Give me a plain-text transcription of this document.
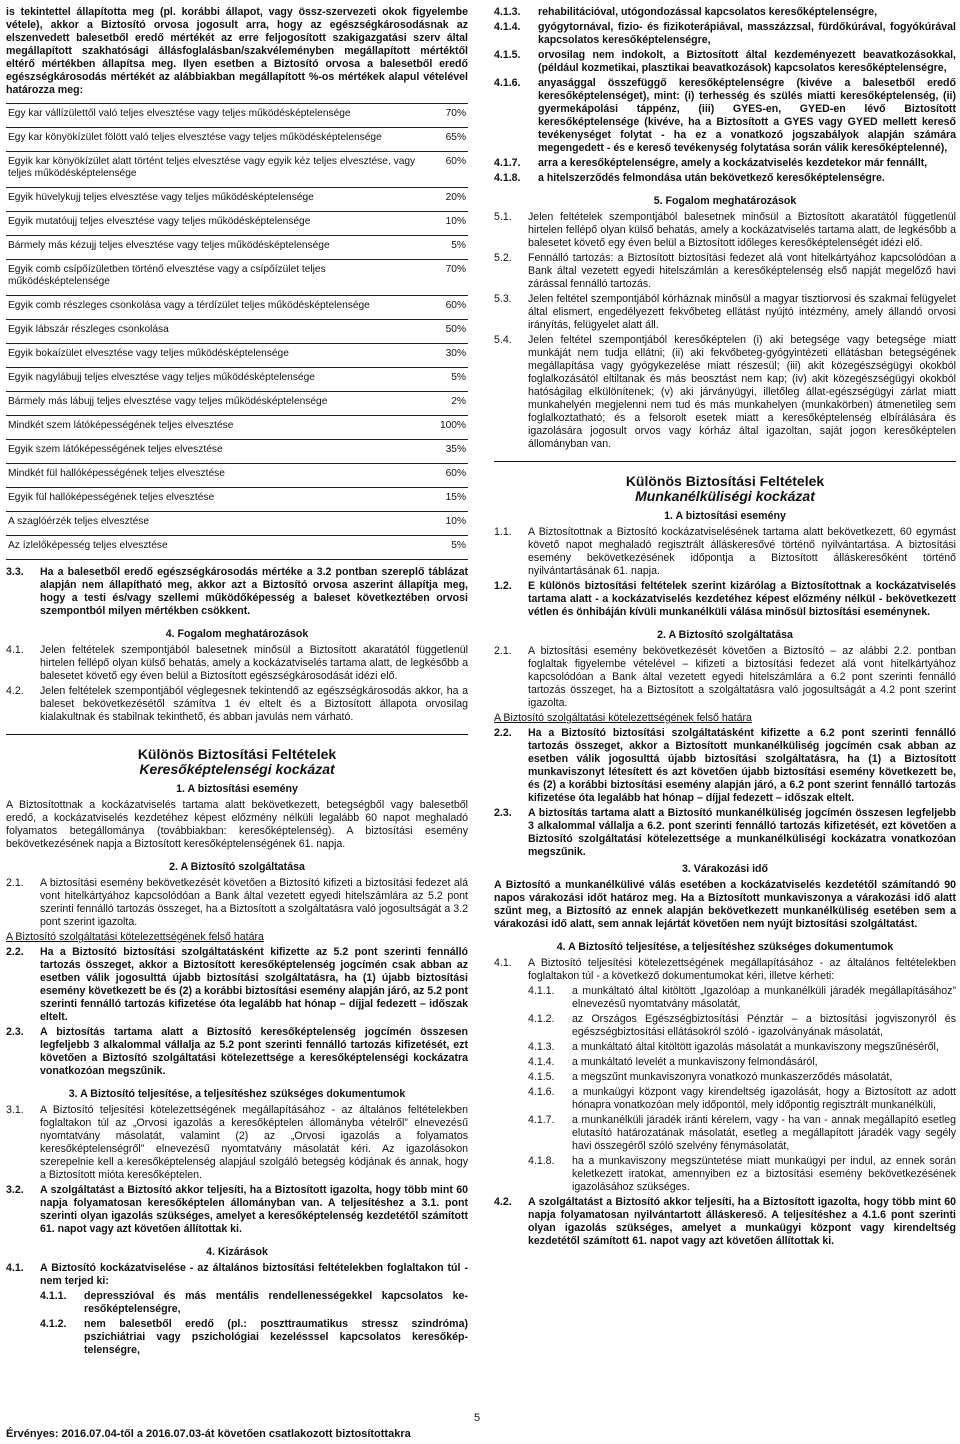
is tekintettel állapította meg (pl. korábbi állapot, vagy össz-szervezeti okok figyelembe vétele), akkor a Biztosító orvosa jogosult arra, hogy az egészségkárosodásnak az elszenvedett balesetből eredő mértékét az erre feljogosított szakigazgatási szerv által megállapított szakhatósági állásfoglalásban/szakvéleményben megállapított mértéktől eltérő mértékben állapítsa meg. Ilyen esetben a Biztosító orvosa a balesetből eredő egészségkárosodás mértékét az alábbiakban megállapított %-os mértékek alapul vételével határozza meg:

Egy kar vállízülettől való teljes elvesztése vagy teljes működésképtelensége	70%
Egy kar könyökízület fölött való teljes elvesztése vagy teljes működésképtelensége	65%
Egyik kar könyökízület alatt történt teljes elvesztése vagy egyik kéz teljes elvesztése, vagy teljes működésképtelensége	60%
Egyik hüvelykujj teljes elvesztése vagy teljes működésképtelensége	20%
Egyik mutatóujj teljes elvesztése vagy teljes működésképtelensége	10%
Bármely más kézujj teljes elvesztése vagy teljes működésképtelensége	5%
Egyik comb csípőízületben történő elvesztése vagy a csípőízület teljes működésképtelensége	70%
Egyik comb részleges csonkolása vagy a térdízület teljes működésképtelensége	60%
Egyik lábszár részleges csonkolása	50%
Egyik bokaízület elvesztése vagy teljes működésképtelensége	30%
Egyik nagylábujj teljes elvesztése vagy teljes működésképtelensége	5%
Bármely más lábujj teljes elvesztése vagy teljes működésképtelensége	2%
Mindkét szem látóképességének teljes elvesztése	100%
Egyik szem látóképességének teljes elvesztése	35%
Mindkét fül hallóképességének teljes elvesztése	60%
Egyik fül hallóképességének teljes elvesztése	15%
A szaglóérzék teljes elvesztése	10%
Az ízlelőképesség teljes elvesztése	5%
3.3.	Ha a balesetből eredő egészségkárosodás mértéke a 3.2 pontban szereplő táblázat alapján nem állapítható meg, akkor azt a Biztosító orvosa aszerint állapítja meg, hogy a testi és/vagy szellemi működőképesség a baleset következtében orvosi szempontból milyen mértékben csökkent.
4. Fogalom meghatározások
4.1.	Jelen feltételek szempontjából balesetnek minősül a Biztosított akaratától függetlenül hirtelen fellépő olyan külső behatás, amely a kockázatviselés tartama alatt, de legkésőbb a balesetet követő egy éven belül a Biztosított egészségkárosodását idézi elő.
4.2.	Jelen feltételek szempontjából véglegesnek tekintendő az egészségkárosodás akkor, ha a baleset bekövetkezésétől számítva 1 év eltelt és a Biztosított állapota orvosilag kialakultnak és stabilnak tekinthető, és abban javulás nem várható.
Különös Biztosítási Feltételek
Keresőképtelenségi kockázat
1. A biztosítási esemény

A Biztosítottnak a kockázatviselés tartama alatt bekövetkezett, betegségből vagy balesetből eredő, a kockázatviselés kezdetéhez képest előzmény nélküli legalább 60 napot meghaladó folyamatos betegállománya (továbbiakban: keresőképtelenség). A biztosítási esemény bekövetkezésének napja a Biztosított keresőképtelenségének 61. napja.

2. A Biztosító szolgáltatása
2.1.	A biztosítási esemény bekövetkezését követően a Biztosító kifizeti a biztosítási fedezet alá vont hitelkártyához kapcsolódóan a Bank által vezetett egyedi hitelszámlára az 5.2 pont szerinti fennálló tartozás összeget, ha a Biztosított a szolgáltatásra való jogosultságát a 3.2 pont szerint igazolta.

A Biztosító szolgáltatási kötelezettségének felső határa

2.2.	Ha a Biztosító biztosítási szolgáltatásként kifizette az 5.2 pont szerinti fennálló tartozás összeget, akkor a Biztosított keresőképtelenség jogcímén csak abban az esetben válik jogosulttá újabb biztosítási szolgáltatásra, ha (1) újabb biztosítási esemény következett be és (2) a korábbi biztosítási esemény alapján járó, az 5.2 pont szerinti fennálló tartozás kifizetése óta legalább hat hónap – díjjal fedezett – időszak eltelt.
2.3.	A biztosítás tartama alatt a Biztosító keresőképtelenség jogcímén összesen legfeljebb 3 alkalommal vállalja az 5.2 pont szerinti fennálló tartozás kifizetését, ezt követően a Biztosító szolgáltatási kötelezettsége a keresőképtelenségi kockázatra vonatkozóan megszűnik.
3. A Biztosító teljesítése, a teljesítéshez szükséges dokumentumok
3.1.	A Biztosító teljesítési kötelezettségének megállapításához - az általános feltételekben foglaltakon túl az „Orvosi igazolás a keresőképtelen állományba vételről” elnevezésű nyomtatvány másolatát, valamint (2) az „Orvosi igazolás a folyamatos keresőképtelenségről” elnevezésű nyomtatvány másolatát kéri. Az igazolásokon szerepelnie kell a keresőképtelenség alapjául szolgáló betegség kódjának és annak, hogy a Biztosított mióta keresőképtelen.
3.2.	A szolgáltatást a Biztosító akkor teljesíti, ha a Biztosított igazolta, hogy több mint 60 napja folyamatosan keresőképtelen állományban van. A teljesítéshez a 3.1. pont szerinti olyan igazolás szükséges, amelyet a keresőképtelenség kezdetétől számított 61. napot vagy azt követően állítottak ki.
4. Kizárások
4.1.	A Biztosító kockázatviselése - az általános biztosítási feltételekben foglaltakon túl - nem terjed ki:
4.1.1.	depresszióval és más mentális rendellenességekkel kapcsolatos keresőképtelenségre,
4.1.2.	nem balesetből eredő (pl.: poszttraumatikus stressz szindróma) pszichiátriai vagy pszichológiai kezelésssel kapcsolatos keresőképtelenségre,
4.1.3.	rehabilitációval, utógondozással kapcsolatos keresőképtelenségre,
4.1.4.	gyógytornával, fizio- és fizikoterápiával, masszázzsal, fürdőkúrával, fogyókúrával kapcsolatos keresőképtelenségre,
4.1.5.	orvosilag nem indokolt, a Biztosított által kezdeményezett beavatkozásokkal, (például kozmetikai, plasztikai beavatkozások) kapcsolatos keresőképtelenségre,
4.1.6.	anyasággal összefüggő keresőképtelenségre (kivéve a balesetből eredő keresőképtelenséget), mint: (i) terhesség és szülés miatti keresőképtelenség, (ii) gyermekápolási táppénz, (iii) GYES-en, GYED-en lévő Biztosított keresőképtelensége (kivéve, ha a Biztosított a GYES vagy GYED mellett kereső tevékenységet folytat - ha ez a vonatkozó jogszabályok alapján számára megengedett - és e kereső tevékenység folytatása során válik keresőképtelenné),
4.1.7.	arra a keresőképtelenségre, amely a kockázatviselés kezdetekor már fennállt,
4.1.8.	a hitelszerződés felmondása után bekövetkező keresőképtelenségre.
5. Fogalom meghatározások
5.1.	Jelen feltételek szempontjából balesetnek minősül a Biztosított akaratától függetlenül hirtelen fellépő olyan külső behatás, amely a kockázatviselés tartama alatt, de legkésőbb a balesetet követő egy éven belül a Biztosított időleges keresőképtelenségét idézi elő.
5.2.	Fennálló tartozás: a Biztosított biztosítási fedezet alá vont hitelkártyához kapcsolódóan a Bank által vezetett egyedi hitelszámlán a keresőképtelenség első napját megelőző havi zárással fennálló tartozás.
5.3.	Jelen feltétel szempontjából kórháznak minősül a magyar tisztiorvosi és szakmai felügyelet által elismert, engedélyezett fekvőbeteg ellátást nyújtó intézmény, amely állandó orvosi irányítás, felügyelet alatt áll.
5.4.	Jelen feltétel szempontjából keresőképtelen (i) aki betegsége vagy betegsége miatt munkáját nem tudja ellátni; (ii) aki fekvőbeteg-gyógyintézeti ellátásban betegségének megállapítása vagy gyógykezelése miatt részesül; (iii) akit közegészségügyi okokból foglalkozásától eltiltanak és más beosztást nem kap; (iv) akit közegészségügyi okokból hatóságilag elkülönítenek; (v) aki járványügyi, illetőleg állat-egészségügyi zárlat miatt munkahelyén megjelenni nem tud és más munkahelyen (munkakörben) átmenetileg sem foglalkoztatható; és a felsorolt esetek miatt a keresőképtelenség elbírálására és igazolására jogosult orvos vagy kórház által igazoltan, saját jogon keresőképtelen állományban van.
Különös Biztosítási Feltételek
Munkanélküliségi kockázat
1. A biztosítási esemény
1.1.	A Biztosítottnak a Biztosító kockázatviselésének tartama alatt bekövetkezett, 60 egymást követő napot meghaladó regisztrált álláskeresővé történő nyilvántartása. A biztosítási esemény bekövetkezésének időpontja a Biztosított álláskeresőként történő nyilvántartásának 61. napja.
1.2.	E különös biztosítási feltételek szerint kizárólag a Biztosítottnak a kockázatviselés tartama alatt - a kockázatviselés kezdetéhez képest előzmény nélkül - bekövetkezett vétlen és önhibáján kívüli munkanélküli válása minősül biztosítási eseménynek.
2. A Biztosító szolgáltatása
2.1.	A biztosítási esemény bekövetkezését követően a Biztosító – az alábbi 2.2. pontban foglaltak figyelembe vételével – kifizeti a biztosítási fedezet alá vont hitelkártyához kapcsolódóan a Bank által vezetett egyedi hitelszámlára a 6.2 pont szerinti fennálló tartozás összeget, ha a Biztosított a szolgáltatásra való jogosultságát a 4.2 pont szerint igazolta.

A Biztosító szolgáltatási kötelezettségének felső határa

2.2.	Ha a Biztosító biztosítási szolgáltatásként kifizette a 6.2 pont szerinti fennálló tartozás összeget, akkor a Biztosított munkanélküliség jogcímén csak abban az esetben válik jogosulttá újabb biztosítási szolgáltatásra, ha (1) a Biztosított munkaviszonyt létesített és azt követően újabb biztosítási esemény következett be, és (2) a korábbi biztosítási esemény alapján járó, a 6.2 pont szerint fennálló tartozás kifizetése óta legalább hat hónap – díjjal fedezett – időszak eltelt.
2.3.	A biztosítás tartama alatt a Biztosító munkanélküliség jogcímén összesen legfeljebb 3 alkalommal vállalja a 6.2. pont szerinti fennálló tartozás kifizetését, ezt követően a Biztosító szolgáltatási kötelezettsége a munkanélküliségi kockázatra vonatkozóan megszűnik.
3. Várakozási idő

A Biztosító a munkanélkülivé válás esetében a kockázatviselés kezdetétől számítandó 90 napos várakozási időt határoz meg. Ha a Biztosított munkaviszonya a várakozási idő alatt szűnt meg, a Biztosító az ennek alapján bekövetkezett munkanélküliség esetében sem a várakozási idő alatt, sem annak lejártát követően nem nyújt biztosítási szolgáltatást.

4. A Biztosító teljesítése, a teljesítéshez szükséges dokumentumok
4.1.	A Biztosító teljesítési kötelezettségének megállapításához - az általános feltételekben foglaltakon túl - a következő dokumentumokat kéri, illetve kérheti:
4.1.1.	a munkáltató által kitöltött „Igazolóap a munkanélküli járadék megállapításához” elnevezésű nyomtatvány másolatát,
4.1.2.	az Országos Egészségbiztosítási Pénztár – a biztosítási jogviszonyról és egészségbiztosítási ellátásokról szóló - igazolványának másolatát,
4.1.3.	a munkáltató által kitöltött igazolás másolatát a munkaviszony megszűnéséről,
4.1.4.	a munkáltató levelét a munkaviszony felmondásáról,
4.1.5.	a megszűnt munkaviszonyra vonatkozó munkaszerződés másolatát,
4.1.6.	a munkaügyi központ vagy kirendeltség igazolását, hogy a Biztosított az adott hónapra vonatkozóan mely időpontól, mely időpontig regisztrált munkanélküli,
4.1.7.	a munkanélküli járadék iránti kérelem, vagy - ha van - annak megállapító esetleg elutasító határozatának másolatát, esetleg a megállapított járadék vagy segély havi összegéről szóló szelvény fénymásolatát,
4.1.8.	ha a munkaviszony megszüntetése miatt munkaügyi per indul, az ennek során keletkezett iratokat, amennyiben ez a biztosítási esemény bekövetkezésének igazolásához szükséges.
4.2.	A szolgáltatást a Biztosító akkor teljesíti, ha a Biztosított igazolta, hogy több mint 60 napja folyamatosan nyilvántartott álláskereső. A teljesítéshez a 4.1.6 pont szerinti olyan igazolás szükséges, amelyet a munkaügyi központ vagy kirendeltség kezdetétől számított 61. napot vagy azt követően állítottak ki.
5
Érvényes: 2016.07.04-től a 2016.07.03-át követően csatlakozott biztosítottakra
